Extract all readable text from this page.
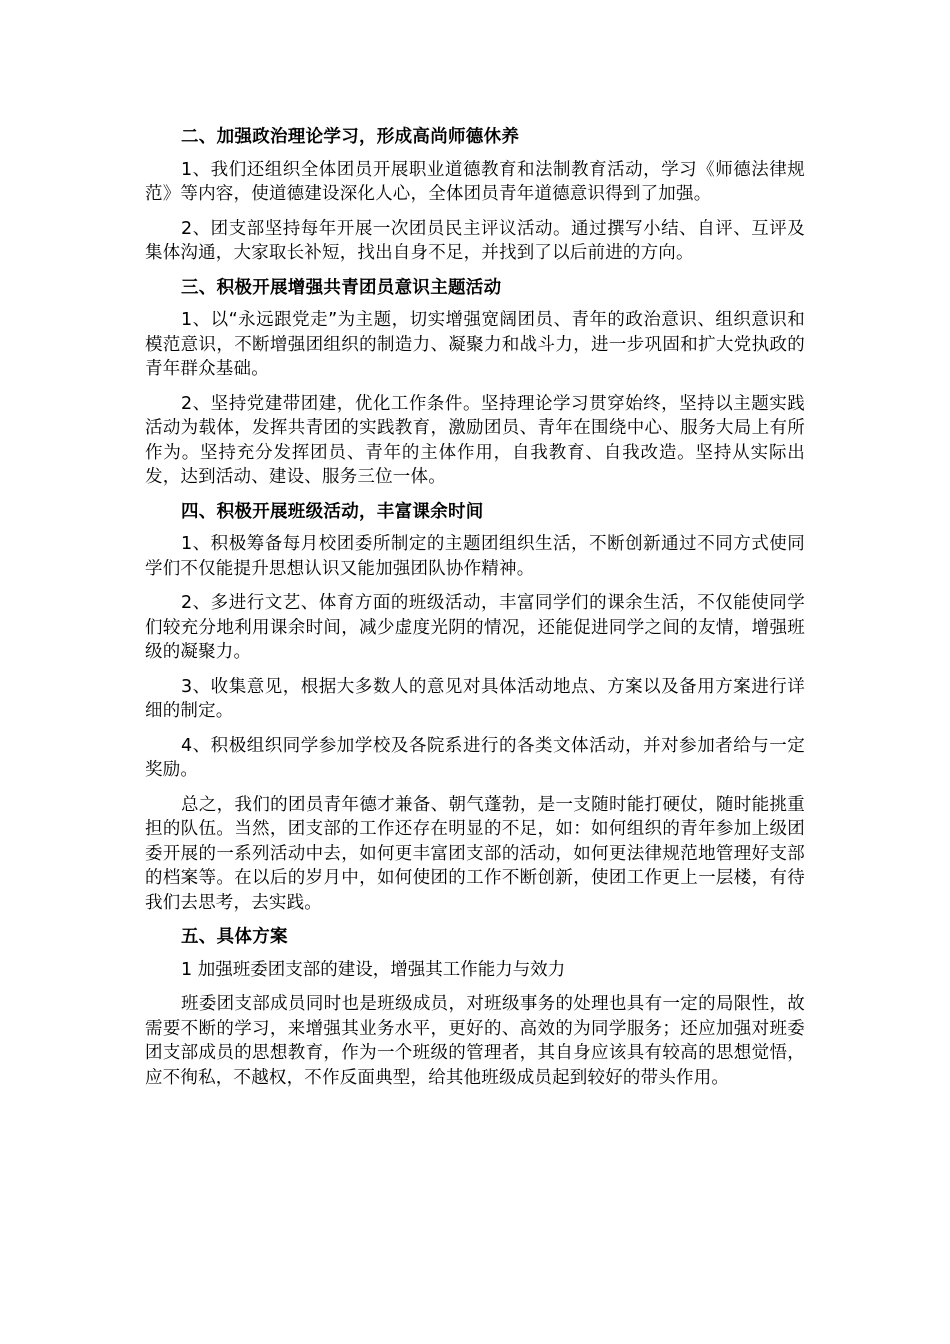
二、加强政治理论学习，形成高尚师德休养
1、我们还组织全体团员开展职业道德教育和法制教育活动，学习《师德法律规范》等内容，使道德建设深化人心，全体团员青年道德意识得到了加强。
2、团支部坚持每年开展一次团员民主评议活动。通过撰写小结、自评、互评及集体沟通，大家取长补短，找出自身不足，并找到了以后前进的方向。
三、积极开展增强共青团员意识主题活动
1、以“永远跟党走”为主题，切实增强宽阔团员、青年的政治意识、组织意识和模范意识，不断增强团组织的制造力、凝聚力和战斗力，进一步巩固和扩大党执政的青年群众基础。
2、坚持党建带团建，优化工作条件。坚持理论学习贯穿始终，坚持以主题实践活动为载体，发挥共青团的实践教育，激励团员、青年在围绕中心、服务大局上有所作为。坚持充分发挥团员、青年的主体作用，自我教育、自我改造。坚持从实际出发，达到活动、建设、服务三位一体。
四、积极开展班级活动，丰富课余时间
1、积极筹备每月校团委所制定的主题团组织生活，不断创新通过不同方式使同学们不仅能提升思想认识又能加强团队协作精神。
2、多进行文艺、体育方面的班级活动，丰富同学们的课余生活，不仅能使同学们较充分地利用课余时间，减少虚度光阴的情况，还能促进同学之间的友情，增强班级的凝聚力。
3、收集意见，根据大多数人的意见对具体活动地点、方案以及备用方案进行详细的制定。
4、积极组织同学参加学校及各院系进行的各类文体活动，并对参加者给与一定奖励。
总之，我们的团员青年德才兼备、朝气蓬勃，是一支随时能打硬仗，随时能挑重担的队伍。当然，团支部的工作还存在明显的不足，如：如何组织的青年参加上级团委开展的一系列活动中去，如何更丰富团支部的活动，如何更法律规范地管理好支部的档案等。在以后的岁月中，如何使团的工作不断创新，使团工作更上一层楼，有待我们去思考，去实践。
五、具体方案
1 加强班委团支部的建设，增强其工作能力与效力
班委团支部成员同时也是班级成员，对班级事务的处理也具有一定的局限性，故需要不断的学习，来增强其业务水平，更好的、高效的为同学服务；还应加强对班委团支部成员的思想教育，作为一个班级的管理者，其自身应该具有较高的思想觉悟，应不徇私，不越权，不作反面典型，给其他班级成员起到较好的带头作用。
